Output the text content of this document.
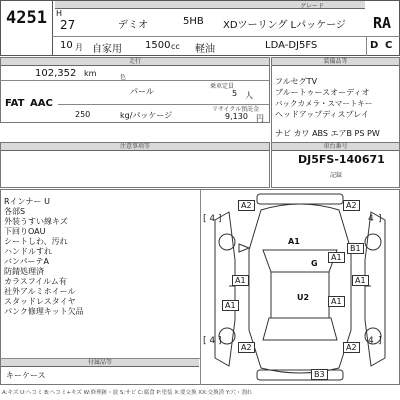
グレード
4251 H
27	デミオ	5HB XDツーリング Lパッケージ RA
10 月 自家用 1500 cc 軽油	LDA-DJ5FS	D C
走行
102,352 km	色
パール
乗車定員
5 人
FAT AAC
250	kg/パッケージ
リサイクル預託金
9,130 円
装備品等
フルセグTV
ブルートゥースオーディオ
バックカメラ・スマートキー
ヘッドアップディスプレイ
ナビ カワ ABS エアB PS PW
注意事項等	車台番号
DJ5FS-140671
記録
Rインナー U
各部S
外装うすい線キズ
下回りOAU
シートしわ、汚れ
ハンドルすれ
バンパーテA
防錆処理済
カラスフイルム有
社外アルミホイール
スタッドレスタイヤ
パンク修理キット欠品
付属品等
キーケース
[ 4 ]	]
[ 4 ]	]
4
4
A2	A2
B1
A1
A1
G
A1
U2
A1
A1
A2	A2
B3
A1
A:キズ U:ヘコミ B:ヘコミ+キズ W:修理跡・波 S:サビ C:腐食 P:塗装 X:要交換 XX:交換済 Y:穴・割れ
